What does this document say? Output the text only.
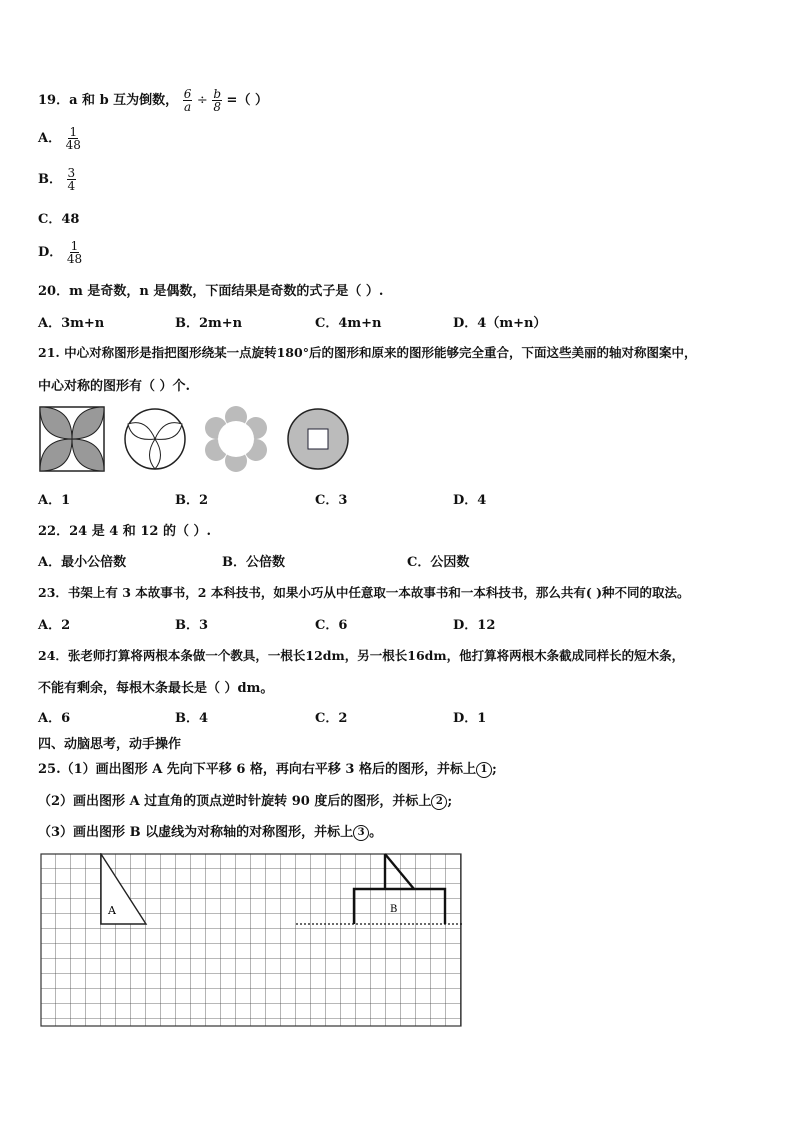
19．a 和 b 互为倒数， $\frac{6}{a} \div \frac{b}{8}$ =（ ）
A． $\frac{1}{48}$
B． $\frac{3}{4}$
C．48
D． $\frac{1}{48}$
20．m 是奇数，n 是偶数，下面结果是奇数的式子是（ ）.
A．3m+n	B．2m+n	C．4m+n	D．4（m+n）
21. 中心对称图形是指把图形绕某一点旋转180°后的图形和原来的图形能够完全重合，下面这些美丽的轴对称图案中，
中心对称的图形有（ ）个.
A．1	B．2	C．3	D．4
22．24 是 4 和 12 的（ ）.
A．最小公倍数	B．公倍数	C．公因数
23．书架上有 3 本故事书，2 本科技书，如果小巧从中任意取一本故事书和一本科技书，那么共有( )种不同的取法。
A．2	B．3	C．6	D．12
24．张老师打算将两根本条做一个教具，一根长12dm，另一根长16dm，他打算将两根木条截成同样长的短木条，
不能有剩余，每根木条最长是（ ）dm。
A．6	B．4	C．2	D．1
四、动脑思考，动手操作
25.（1）画出图形 A 先向下平移 6 格，再向右平移 3 格后的图形，并标上 1 ;
（2）画出图形 A 过直角的顶点逆时针旋转 90 度后的图形，并标上 2 ;
（3）画出图形 B 以虚线为对称轴的对称图形，并标上 3 。
A	B
